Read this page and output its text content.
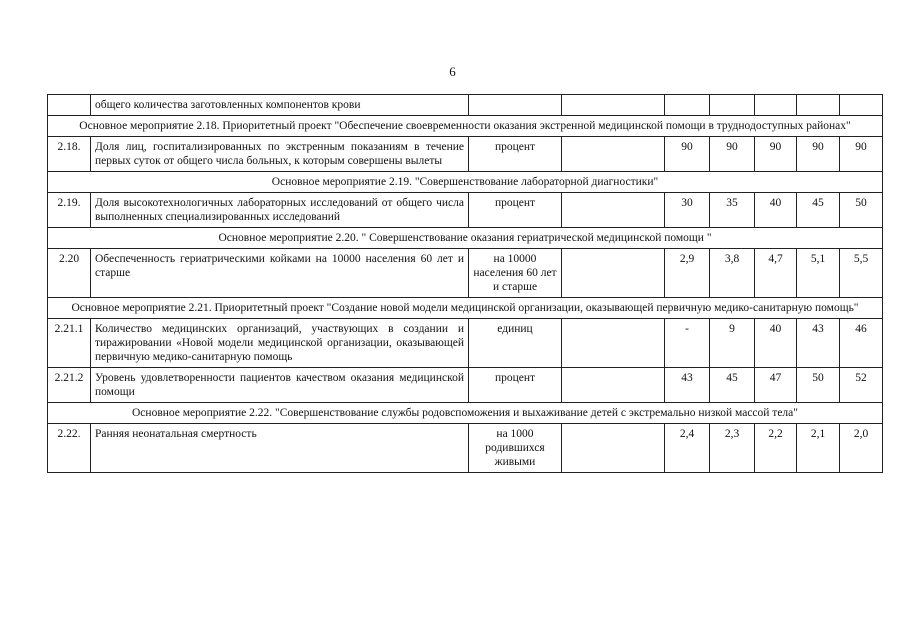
6
	общего количества заготовленных компонентов крови							
Основное мероприятие 2.18. Приоритетный проект "Обеспечение своевременности оказания экстренной медицинской помощи в труднодоступных районах"								
2.18.	Доля лиц, госпитализированных по экстренным показаниям в течение первых суток от общего числа больных, к которым совершены вылеты	процент		90	90	90	90	90
Основное мероприятие 2.19. "Совершенствование лабораторной диагностики"								
2.19.	Доля высокотехнологичных лабораторных исследований от общего числа выполненных специализированных исследований	процент		30	35	40	45	50
Основное мероприятие 2.20. " Совершенствование оказания гериатрической медицинской помощи "								
2.20	Обеспеченность гериатрическими койками на 10000 населения 60 лет и старше	на 10000 населения 60 лет и старше		2,9	3,8	4,7	5,1	5,5
Основное мероприятие 2.21. Приоритетный проект "Создание новой модели медицинской организации, оказывающей первичную медико-санитарную помощь"								
2.21.1	Количество медицинских организаций, участвующих в создании и тиражировании «Новой модели медицинской организации, оказывающей первичную медико-санитарную помощь	единиц		-	9	40	43	46
2.21.2	Уровень удовлетворенности пациентов качеством оказания медицинской помощи	процент		43	45	47	50	52
Основное мероприятие 2.22. "Совершенствование службы родовспоможения и выхаживание детей с экстремально низкой массой тела"								
2.22.	Ранняя неонатальная смертность	на 1000 родившихся живыми		2,4	2,3	2,2	2,1	2,0
